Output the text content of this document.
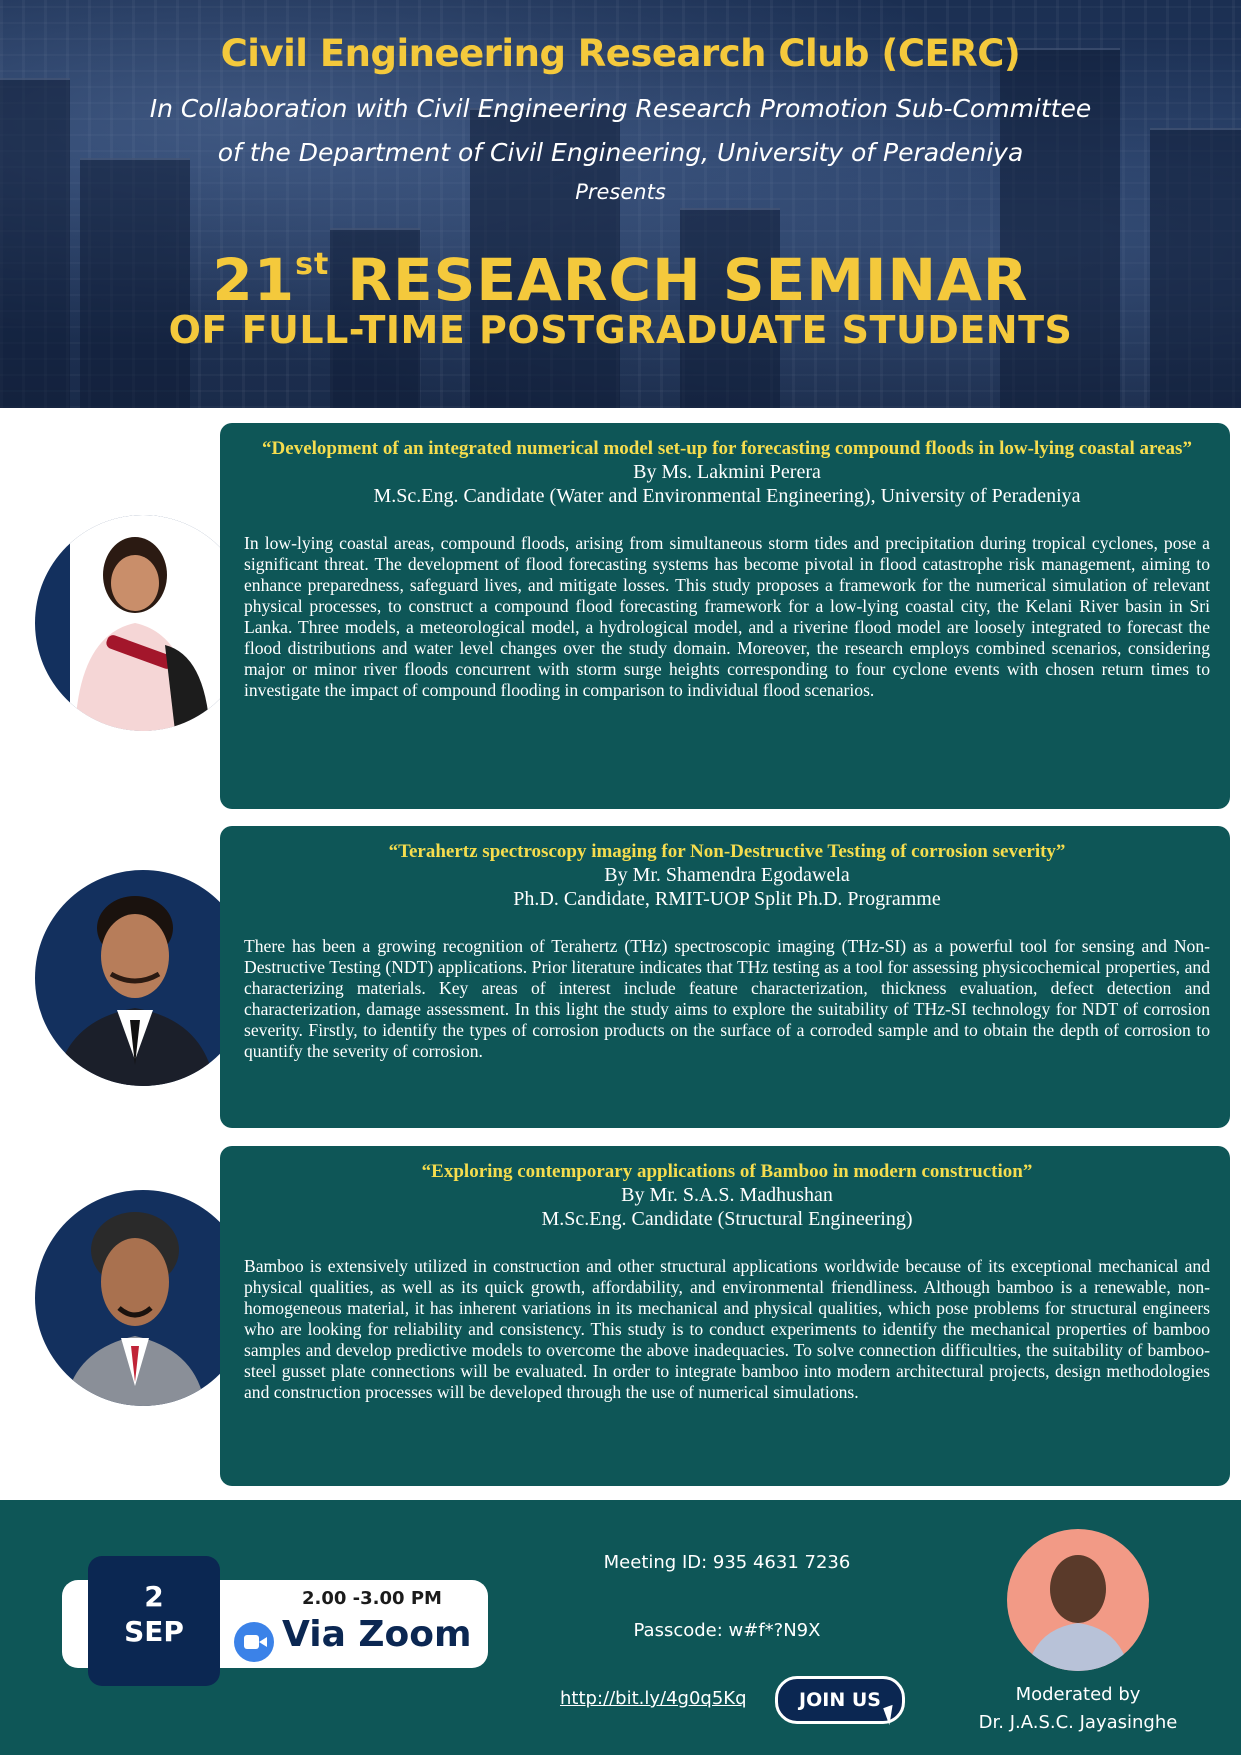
Civil Engineering Research Club (CERC)
In Collaboration with Civil Engineering Research Promotion Sub-Committee
of the Department of Civil Engineering, University of Peradeniya
Presents
21st RESEARCH SEMINAR
OF FULL-TIME POSTGRADUATE STUDENTS
“Development of an integrated numerical model set-up for forecasting compound floods in low-lying coastal areas”
By Ms. Lakmini Perera
M.Sc.Eng. Candidate (Water and Environmental Engineering), University of Peradeniya
In low-lying coastal areas, compound floods, arising from simultaneous storm tides and precipitation during tropical cyclones, pose a significant threat. The development of flood forecasting systems has become pivotal in flood catastrophe risk management, aiming to enhance preparedness, safeguard lives, and mitigate losses. This study proposes a framework for the numerical simulation of relevant physical processes, to construct a compound flood forecasting framework for a low-lying coastal city, the Kelani River basin in Sri Lanka. Three models, a meteorological model, a hydrological model, and a riverine flood model are loosely integrated to forecast the flood distributions and water level changes over the study domain. Moreover, the research employs combined scenarios, considering major or minor river floods concurrent with storm surge heights corresponding to four cyclone events with chosen return times to investigate the impact of compound flooding in comparison to individual flood scenarios.
“Terahertz spectroscopy imaging for Non-Destructive Testing of corrosion severity”
By Mr. Shamendra Egodawela
Ph.D. Candidate, RMIT-UOP Split Ph.D. Programme
There has been a growing recognition of Terahertz (THz) spectroscopic imaging (THz-SI) as a powerful tool for sensing and Non-Destructive Testing (NDT) applications. Prior literature indicates that THz testing as a tool for assessing physicochemical properties, and characterizing materials. Key areas of interest include feature characterization, thickness evaluation, defect detection and characterization, damage assessment. In this light the study aims to explore the suitability of THz-SI technology for NDT of corrosion severity. Firstly, to identify the types of corrosion products on the surface of a corroded sample and to obtain the depth of corrosion to quantify the severity of corrosion.
“Exploring contemporary applications of Bamboo in modern construction”
By Mr. S.A.S. Madhushan
M.Sc.Eng. Candidate (Structural Engineering)
Bamboo is extensively utilized in construction and other structural applications worldwide because of its exceptional mechanical and physical qualities, as well as its quick growth, affordability, and environmental friendliness. Although bamboo is a renewable, non-homogeneous material, it has inherent variations in its mechanical and physical qualities, which pose problems for structural engineers who are looking for reliability and consistency. This study is to conduct experiments to identify the mechanical properties of bamboo samples and develop predictive models to overcome the above inadequacies. To solve connection difficulties, the suitability of bamboo-steel gusset plate connections will be evaluated. In order to integrate bamboo into modern architectural projects, design methodologies and construction processes will be developed through the use of numerical simulations.
2
SEP
2.00 -3.00 PM
Via Zoom
Meeting ID: 935 4631 7236
Passcode: w#f*?N9X
http://bit.ly/4g0q5Kq	JOIN US	Moderated by
Dr. J.A.S.C. Jayasinghe
